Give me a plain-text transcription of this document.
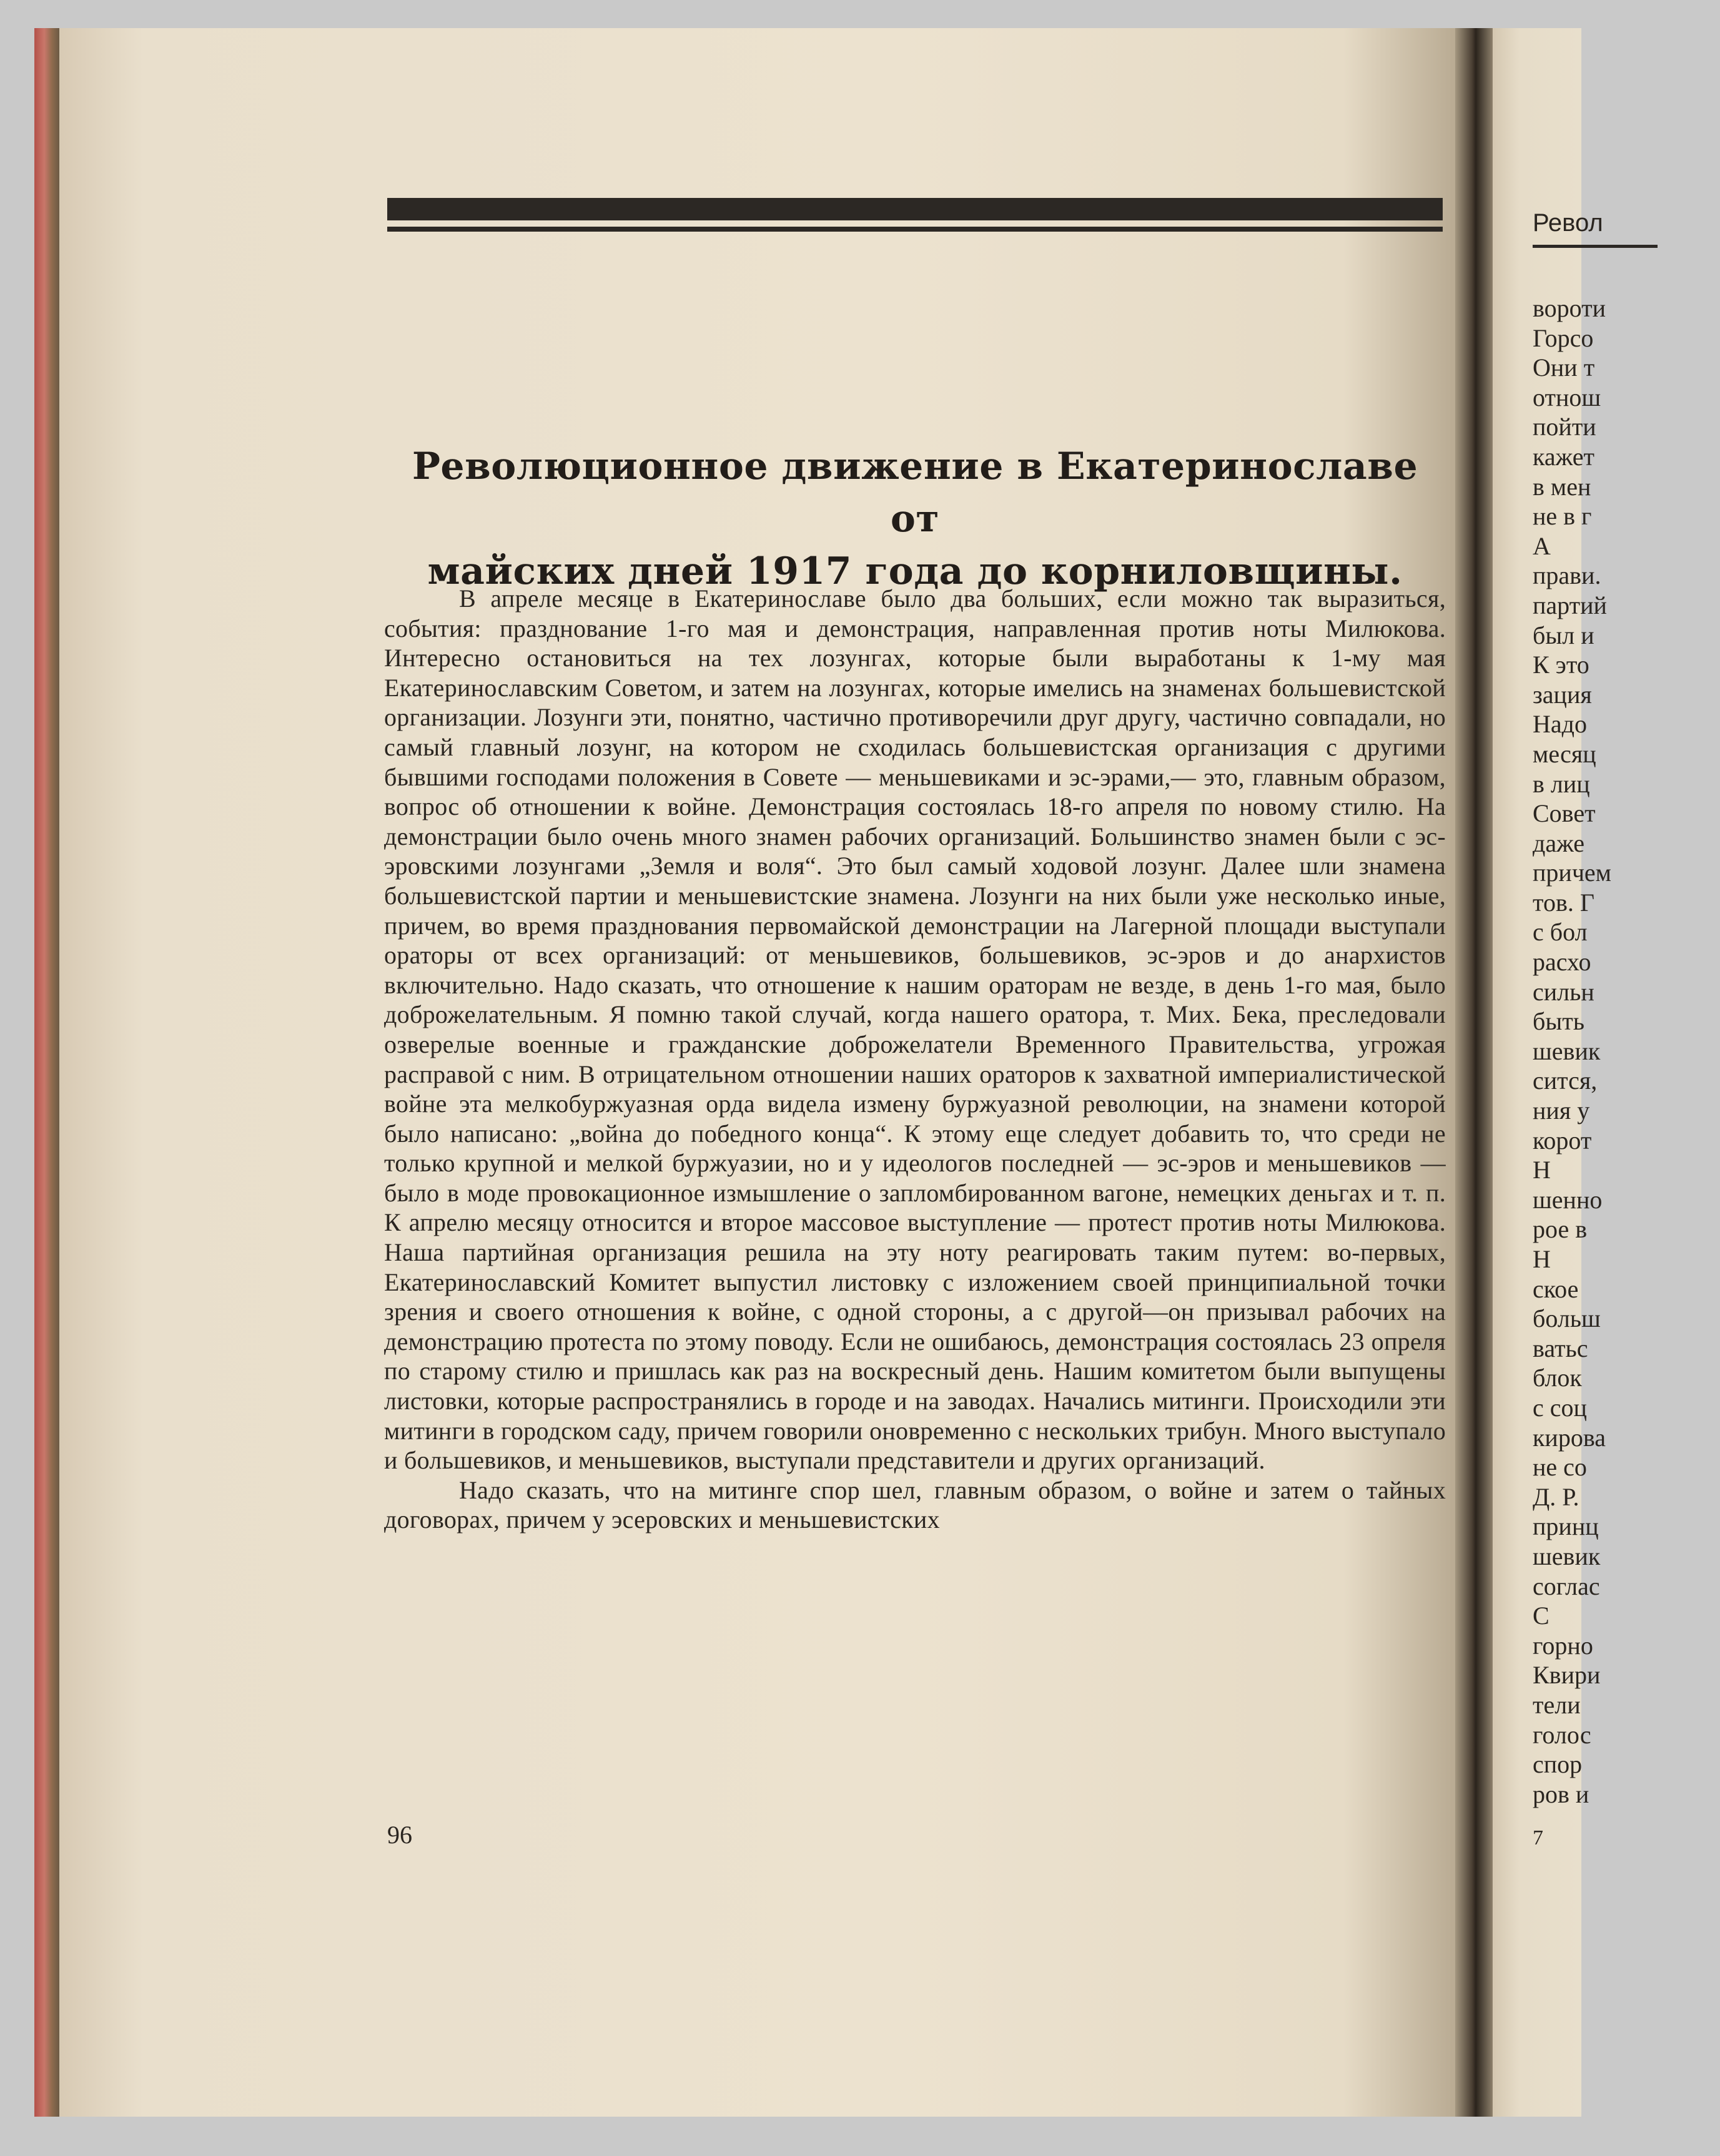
Революционное движение в Екатеринославе от
майских дней 1917 года до корниловщины.

В апреле месяце в Екатеринославе было два больших, если можно так выразиться, события: празднование 1-го мая и демонстрация, направленная против ноты Милюкова. Интересно остановиться на тех лозунгах, которые были выработаны к 1-му мая Екатеринославским Советом, и затем на лозунгах, которые имелись на знаменах большевистской организации. Лозунги эти, понятно, частично противоречили друг другу, частично совпадали, но самый главный лозунг, на котором не сходилась большевистская организация с другими бывшими господами положения в Совете — меньшевиками и эс-эрами,— это, главным образом, вопрос об отношении к войне. Демонстрация состоялась 18-го апреля по новому стилю. На демонстрации было очень много знамен рабочих организаций. Большинство знамен были с эс-эровскими лозунгами „Земля и воля“. Это был самый ходовой лозунг. Далее шли знамена большевистской партии и меньшевистские знамена. Лозунги на них были уже несколько иные, причем, во время празднования первомайской демонстрации на Лагерной площади выступали ораторы от всех организаций: от меньшевиков, большевиков, эс-эров и до анархистов включительно. Надо сказать, что отношение к нашим ораторам не везде, в день 1-го мая, было доброжелательным. Я помню такой случай, когда нашего оратора, т. Мих. Бека, преследовали озверелые военные и гражданские доброжелатели Временного Правительства, угрожая расправой с ним. В отрицательном отношении наших ораторов к захватной империалистической войне эта мелкобуржуазная орда видела измену буржуазной революции, на знамени которой было написано: „война до победного конца“. К этому еще следует добавить то, что среди не только крупной и мелкой буржуазии, но и у идеологов последней — эс-эров и меньшевиков — было в моде провокационное измышление о запломбированном вагоне, немецких деньгах и т. п. К апрелю месяцу относится и второе массовое выступление — протест против ноты Милюкова. Наша партийная организация решила на эту ноту реагировать таким путем: во-первых, Екатеринославский Комитет выпустил листовку с изложением своей принципиальной точки зрения и своего отношения к войне, с одной стороны, а с другой—он призывал рабочих на демонстрацию протеста по этому поводу. Если не ошибаюсь, демонстрация состоялась 23 опреля по старому стилю и пришлась как раз на воскресный день. Нашим комитетом были выпущены листовки, которые распространялись в городе и на заводах. Начались митинги. Происходили эти митинги в городском саду, причем говорили оновременно с нескольких трибун. Много выступало и большевиков, и меньшевиков, выступали представители и других организаций.

Надо сказать, что на митинге спор шел, главным образом, о войне и затем о тайных договорах, причем у эсеровских и меньшевистских

96
Револ
вороти
Горсо
Они т
отнош
пойти
кажет
в мен
не в г
А
прави.
партий
был и
К это
зация
Надо
месяц
в лиц
Совет
даже
причем
тов. Г
с бол
расхо
сильн
быть
шевик
сится,
ния у
корот
Н
шенно
рое в
Н
ское
больш
ватьс
блок
с соц
кирова
не со
Д. Р.
принц
шевик
соглас
С
горно
Квири
тели
голос
спор
ров и
7
